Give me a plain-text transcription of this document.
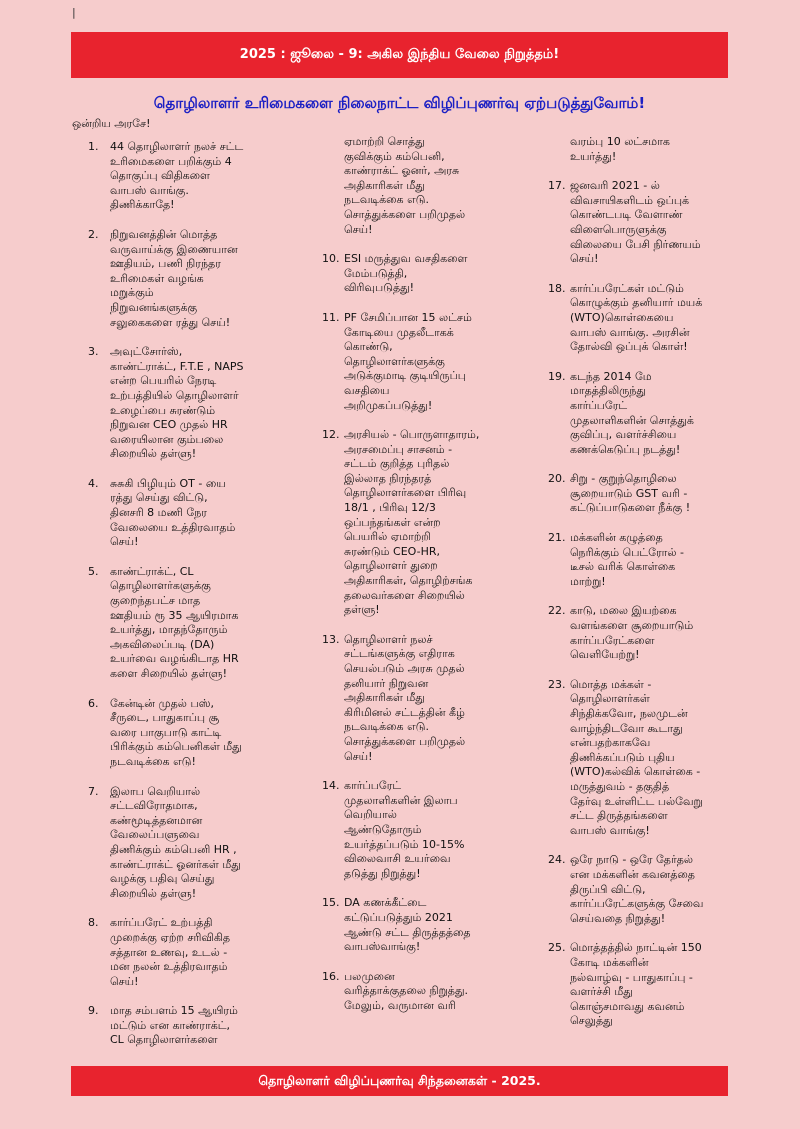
|
2025 : ஜூலை - 9: அகில இந்திய வேலை நிறுத்தம்!
தொழிலாளர் உரிமைகளை நிலைநாட்ட விழிப்புணர்வு ஏற்படுத்துவோம்!
ஒன்றிய அரசே!
1. 44 தொழிலாளர் நலச் சட்ட
உரிமைகளை பறிக்கும் 4
தொகுப்பு விதிகளை
வாபஸ் வாங்கு.
திணிக்காதே!
2. நிறுவனத்தின் மொத்த
வருவாய்க்கு இணையான
ஊதியம், பணி நிரந்தர
உரிமைகள் வழங்க
மறுக்கும்
நிறுவனங்களுக்கு
சலுகைகளை ரத்து செய்!
3. அவுட்சோர்ஸ்,
காண்ட்ராக்ட், F.T.E , NAPS
என்ற பெயரில் நேரடி
உற்பத்தியில் தொழிலாளர்
உழைப்பை சுரண்டும்
நிறுவன CEO முதல் HR
வரையிலான கும்பலை
சிறையில் தள்ளு!
4. சுசுகி பிழியும் OT - யை
ரத்து செய்து விட்டு,
தினசரி 8 மணி நேர
வேலையை உத்திரவாதம்
செய்!
5. காண்ட்ராக்ட், CL
தொழிலாளர்களுக்கு
குறைந்தபட்ச மாத
ஊதியம் ரூ 35 ஆயிரமாக
உயர்த்து, மாதந்தோரும்
அகவிலைப்படி (DA)
உயர்வை வழங்கிடாத HR
களை சிறையில் தள்ளு!
6. கேன்டின் முதல் பஸ்,
சீருடை, பாதுகாப்பு சூ
வரை பாகுபாடு காட்டி
பிரிக்கும் கம்பெனிகள் மீது
நடவடிக்கை எடு!
7. இலாப வெறியால்
சட்டவிரோதமாக,
கண்மூடித்தனமான
வேலைப்பளுவை
திணிக்கும் கம்பெனி HR ,
காண்ட்ராக்ட் ஓனர்கள் மீது
வழக்கு பதிவு செய்து
சிறையில் தள்ளு!
8. கார்ப்பரேட் உற்பத்தி
முறைக்கு ஏற்ற சரிவிகித
சத்தான உணவு, உடல் -
மன நலன் உத்திரவாதம்
செய்!
9. மாத சம்பளம் 15 ஆயிரம்
மட்டும் என காண்ராக்ட்,
CL தொழிலாளர்களை
ஏமாற்றி சொத்து
குவிக்கும் கம்பெனி,
காண்ராக்ட் ஓனர், அரசு
அதிகாரிகள் மீது
நடவடிக்கை எடு.
சொத்துக்களை பறிமுதல்
செய்!
10. ESI மருத்துவ வசதிகளை
மேம்படுத்தி,
விரிவுபடுத்து!
11. PF சேமிப்பான 15 லட்சம்
கோடியை முதலீடாகக்
கொண்டு,
தொழிலாளர்களுக்கு
அடுக்குமாடி குடியிருப்பு
வசதியை
அறிமுகப்படுத்து!
12. அரசியல் - பொருளாதாரம்,
அரசமைப்பு சாசனம் -
சட்டம் குறித்த புரிதல்
இல்லாத நிரந்தரத்
தொழிலாளர்களை பிரிவு
18/1 , பிரிவு 12/3
ஒப்பந்தங்கள் என்ற
பெயரில் ஏமாற்றி
சுரண்டும் CEO-HR,
தொழிலாளர் துறை
அதிகாரிகள், தொழிற்சங்க
தலைவர்களை சிறையில்
தள்ளு!
13. தொழிலாளர் நலச்
சட்டங்களுக்கு எதிராக
செயல்படும் அரசு முதல்
தனியார் நிறுவன
அதிகாரிகள் மீது
கிரிமினல் சட்டத்தின் கீழ்
நடவடிக்கை எடு.
சொத்துக்களை பறிமுதல்
செய்!
14. கார்ப்பரேட்
முதலாளிகளின் இலாப
வெறியால்
ஆண்டுதோரும்
உயர்த்தப்படும் 10-15%
விலைவாசி உயர்வை
தடுத்து நிறுத்து!
15. DA கணக்கீட்டை
கட்டுப்படுத்தும் 2021
ஆண்டு சட்ட திருத்தத்தை
வாபஸ்வாங்கு!
16. பலமுனை
வரித்தாக்குதலை நிறுத்து.
மேலும், வருமான வரி
வரம்பு 10 லட்சமாக
உயர்த்து!
17. ஜனவரி 2021 - ல்
விவசாயிகளிடம் ஒப்புக்
கொண்டபடி வேளாண்
விளைபொருளுக்கு
விலையை பேசி நிர்ணயம்
செய்!
18. கார்ப்பரேட்கள் மட்டும்
கொழுக்கும் தனியார் மயக்
(WTO)கொள்கையை
வாபஸ் வாங்கு. அரசின்
தோல்வி ஒப்புக் கொள்!
19. கடந்த 2014 மே
மாதத்திலிருந்து
கார்ப்பரேட்
முதலாளிகளின் சொத்துக்
குவிப்பு, வளர்ச்சியை
கணக்கெடுப்பு நடத்து!
20. சிறு - குறுந்தொழிலை
சூறையாடும் GST வரி -
கட்டுப்பாடுகளை நீக்கு !
21. மக்களின் கழுத்தை
நெரிக்கும் பெட்ரோல் -
டீசல் வரிக் கொள்கை
மாற்று!
22. காடு, மலை இயற்கை
வளங்களை சூறையாடும்
கார்ப்பரேட்களை
வெளியேற்று!
23. மொத்த மக்கள் -
தொழிலாளர்கள்
சிந்திக்கவோ, நலமுடன்
வாழ்ந்திடவோ கூடாது
என்பதற்காகவே
திணிக்கப்படும் புதிய
(WTO)கல்விக் கொள்கை -
மருத்துவம் - தகுதித்
தேர்வு உள்ளிட்ட பல்வேறு
சட்ட திருத்தங்களை
வாபஸ் வாங்கு!
24. ஒரே நாடு - ஒரே தேர்தல்
என மக்களின் கவனத்தை
திருப்பி விட்டு,
கார்ப்பரேட்களுக்கு சேவை
செய்வதை நிறுத்து!
25. மொத்தத்தில் நாட்டின் 150
கோடி மக்களின்
நல்வாழ்வு - பாதுகாப்பு -
வளர்ச்சி மீது
கொஞ்சமாவது கவனம்
செலுத்து
தொழிலாளர் விழிப்புணர்வு சிந்தனைகள் - 2025.
